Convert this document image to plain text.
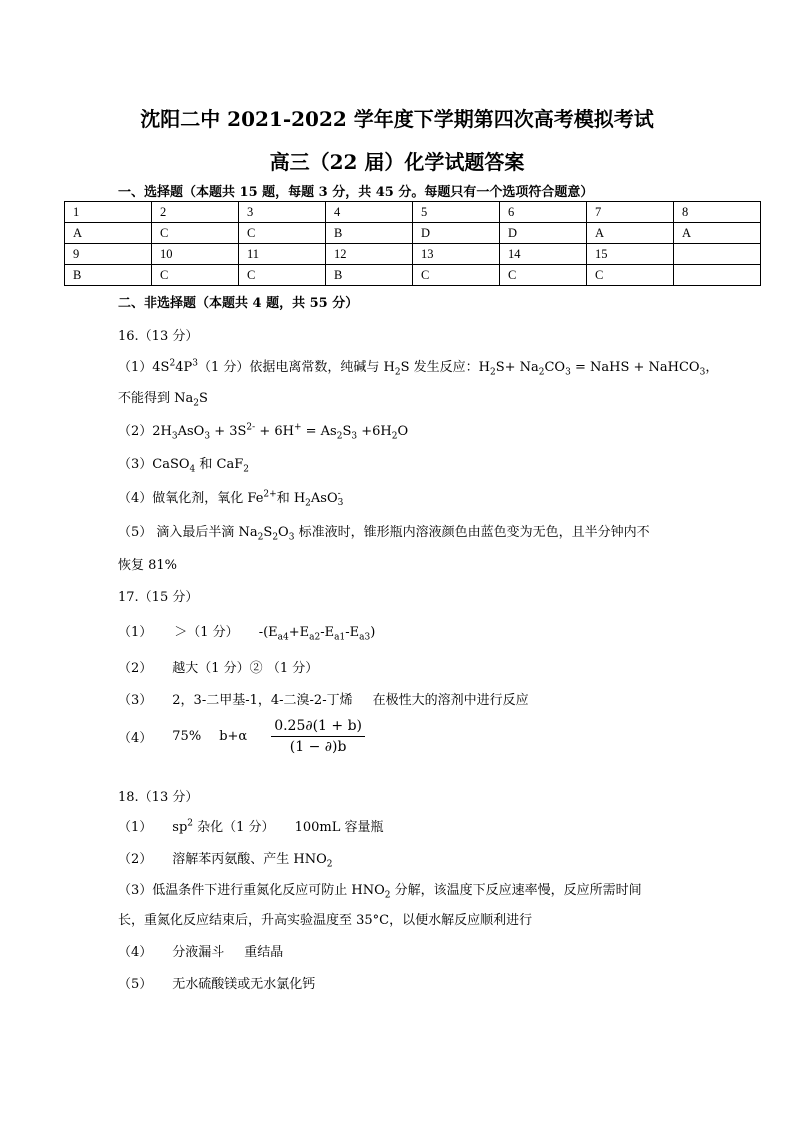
沈阳二中 2021-2022 学年度下学期第四次高考模拟考试
高三（22 届）化学试题答案
一、选择题（本题共 15 题，每题 3 分，共 45 分。每题只有一个选项符合题意）
1	2	3	4	5	6	7	8
A	C	C	B	D	D	A	A
9	10	11	12	13	14	15	
B	C	C	B	C	C	C	
二、非选择题（本题共 4 题，共 55 分）
16.（13 分）
$(1)4S^24P^3(1$ 分）依据电离常数，纯碱与 $H_2S$ 发生反应：$H_2S+ Na_2CO_3$ = NaHS + NaHCO$_3$，
不能得到 $Na_2S$
$(2)2H_3AsO_3 + 3S^{2-} + 6H^+ = As_2S_3 +6H_2O$
（3）CaSO$_4$ 和 CaF$_2$
（4）做氧化剂，氧化 $Fe^{2+}$和 $H_2AsO$ -
3
（5） 滴入最后半滴 $Na_2S_2O_3$ 标准液时，锥形瓶内溶液颜色由蓝色变为无色，且半分钟内不
恢复 81%
17.（15 分）
（1） ＞（1 分） $-(E_{a4}+E_{a2}-E_{a1}-E_{a3})$
（2） 越大（1 分）② （1 分）
（3） 2，3-二甲基-1，4-二溴-2-丁烯 在极性大的溶剂中进行反应
（4） 75% $b+\alpha \frac{0.25\partial(1 + b)}{(1 - \partial)b}$
18.（13 分）
（1） $sp^2$ 杂化（1 分） 100mL 容量瓶
（2） 溶解苯丙氨酸、产生 $HNO_2$
（3）低温条件下进行重氮化反应可防止 $HNO_2$ 分解，该温度下反应速率慢，反应所需时间
长，重氮化反应结束后，升高实验温度至 35°C，以便水解反应顺利进行
（4） 分液漏斗 重结晶
（5） 无水硫酸镁或无水氯化钙
